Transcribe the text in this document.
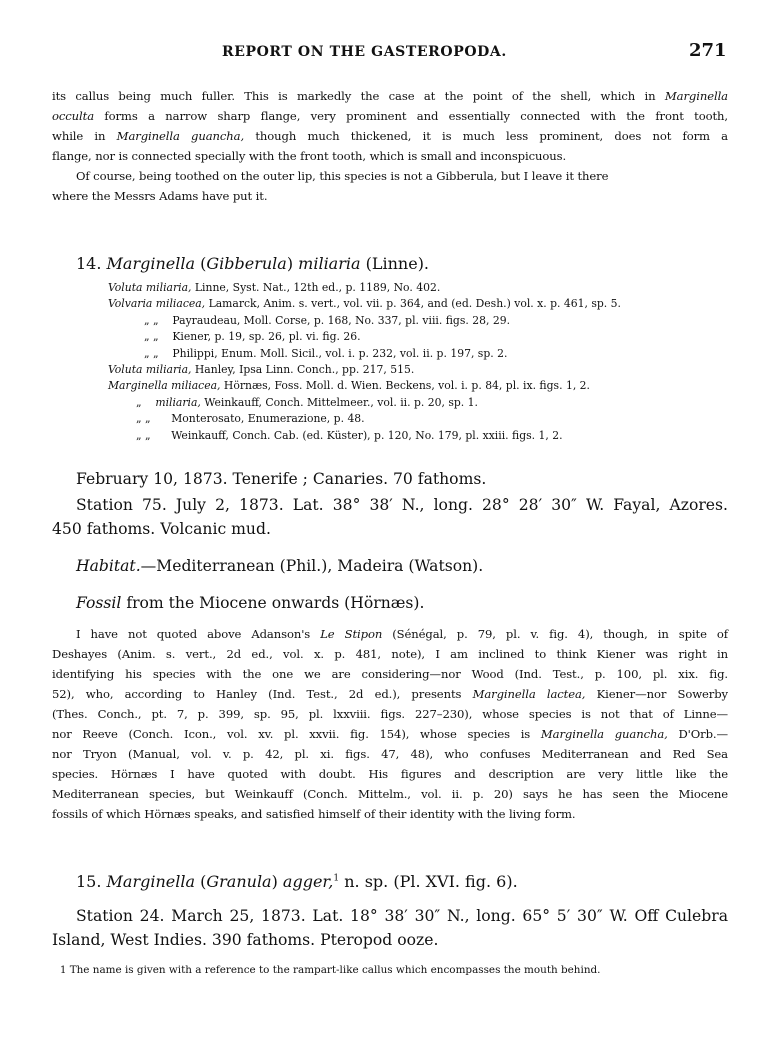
REPORT ON THE GASTEROPODA.	271
its callus being much fuller. This is markedly the case at the point of the shell, which in Marginella
occulta forms a narrow sharp flange, very prominent and essentially connected with the front tooth,
while in Marginella guancha, though much thickened, it is much less prominent, does not form a
flange, nor is connected specially with the front tooth, which is small and inconspicuous.
Of course, being toothed on the outer lip, this species is not a Gibberula, but I leave it there
where the Messrs Adams have put it.
14. Marginella (Gibberula) miliaria (Linne).
Voluta miliaria, Linne, Syst. Nat., 12th ed., p. 1189, No. 402.
Volvaria miliacea, Lamarck, Anim. s. vert., vol. vii. p. 364, and (ed. Desh.) vol. x. p. 461, sp. 5.
„ „ Payraudeau, Moll. Corse, p. 168, No. 337, pl. viii. figs. 28, 29.
„ „ Kiener, p. 19, sp. 26, pl. vi. fig. 26.
„ „ Philippi, Enum. Moll. Sicil., vol. i. p. 232, vol. ii. p. 197, sp. 2.
Voluta miliaria, Hanley, Ipsa Linn. Conch., pp. 217, 515.
Marginella miliacea, Hörnæs, Foss. Moll. d. Wien. Beckens, vol. i. p. 84, pl. ix. figs. 1, 2.
„ miliaria, Weinkauff, Conch. Mittelmeer., vol. ii. p. 20, sp. 1.
„ „ Monterosato, Enumerazione, p. 48.
„ „ Weinkauff, Conch. Cab. (ed. Küster), p. 120, No. 179, pl. xxiii. figs. 1, 2.
February 10, 1873. Tenerife ; Canaries. 70 fathoms.
Station 75. July 2, 1873. Lat. 38° 38′ N., long. 28° 28′ 30″ W. Fayal, Azores.
450 fathoms. Volcanic mud.
Habitat.—Mediterranean (Phil.), Madeira (Watson).
Fossil from the Miocene onwards (Hörnæs).
I have not quoted above Adanson's Le Stipon (Sénégal, p. 79, pl. v. fig. 4), though, in spite of
Deshayes (Anim. s. vert., 2d ed., vol. x. p. 481, note), I am inclined to think Kiener was right in
identifying his species with the one we are considering—nor Wood (Ind. Test., p. 100, pl. xix. fig.
52), who, according to Hanley (Ind. Test., 2d ed.), presents Marginella lactea, Kiener—nor Sowerby
(Thes. Conch., pt. 7, p. 399, sp. 95, pl. lxxviii. figs. 227–230), whose species is not that of Linne—
nor Reeve (Conch. Icon., vol. xv. pl. xxvii. fig. 154), whose species is Marginella guancha, D'Orb.—
nor Tryon (Manual, vol. v. p. 42, pl. xi. figs. 47, 48), who confuses Mediterranean and Red Sea
species. Hörnæs I have quoted with doubt. His figures and description are very little like the
Mediterranean species, but Weinkauff (Conch. Mittelm., vol. ii. p. 20) says he has seen the Miocene
fossils of which Hörnæs speaks, and satisfied himself of their identity with the living form.
15. Marginella (Granula) agger,$^1$ n. sp. (Pl. XVI. fig. 6).
Station 24. March 25, 1873. Lat. 18° 38′ 30″ N., long. 65° 5′ 30″ W. Off Culebra
Island, West Indies. 390 fathoms. Pteropod ooze.
1 The name is given with a reference to the rampart-like callus which encompasses the mouth behind.
